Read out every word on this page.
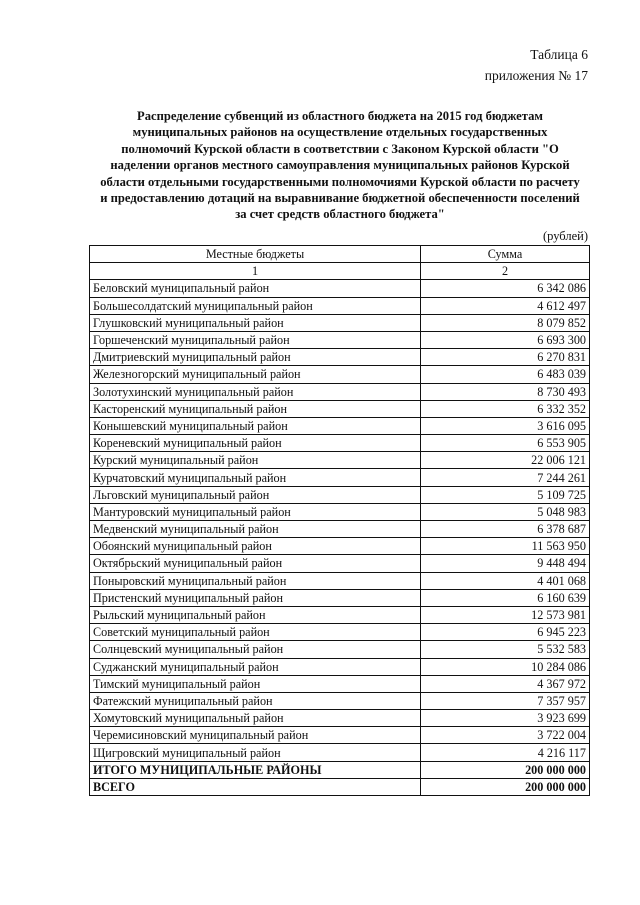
Таблица 6
приложения № 17
Распределение субвенций из областного бюджета на 2015 год бюджетам
муниципальных районов на осуществление отдельных государственных
полномочий Курской области в соответствии с Законом Курской области "О
наделении органов местного самоуправления муниципальных районов Курской
области отдельными государственными полномочиями Курской области по расчету
и предоставлению дотаций на выравнивание бюджетной обеспеченности поселений
за счет средств областного бюджета"
(рублей)
Местные бюджеты	Сумма
1	2
Беловский муниципальный район	6 342 086
Большесолдатский муниципальный район	4 612 497
Глушковский муниципальный район	8 079 852
Горшеченский муниципальный район	6 693 300
Дмитриевский муниципальный район	6 270 831
Железногорский муниципальный район	6 483 039
Золотухинский муниципальный район	8 730 493
Касторенский муниципальный район	6 332 352
Конышевский муниципальный район	3 616 095
Кореневский муниципальный район	6 553 905
Курский муниципальный район	22 006 121
Курчатовский муниципальный район	7 244 261
Льговский муниципальный район	5 109 725
Мантуровский муниципальный район	5 048 983
Медвенский муниципальный район	6 378 687
Обоянский муниципальный район	11 563 950
Октябрьский муниципальный район	9 448 494
Поныровский муниципальный район	4 401 068
Пристенский муниципальный район	6 160 639
Рыльский муниципальный район	12 573 981
Советский муниципальный район	6 945 223
Солнцевский муниципальный район	5 532 583
Суджанский муниципальный район	10 284 086
Тимский муниципальный район	4 367 972
Фатежский муниципальный район	7 357 957
Хомутовский муниципальный район	3 923 699
Черемисиновский муниципальный район	3 722 004
Щигровский муниципальный район	4 216 117
ИТОГО МУНИЦИПАЛЬНЫЕ РАЙОНЫ	200 000 000
ВСЕГО	200 000 000
